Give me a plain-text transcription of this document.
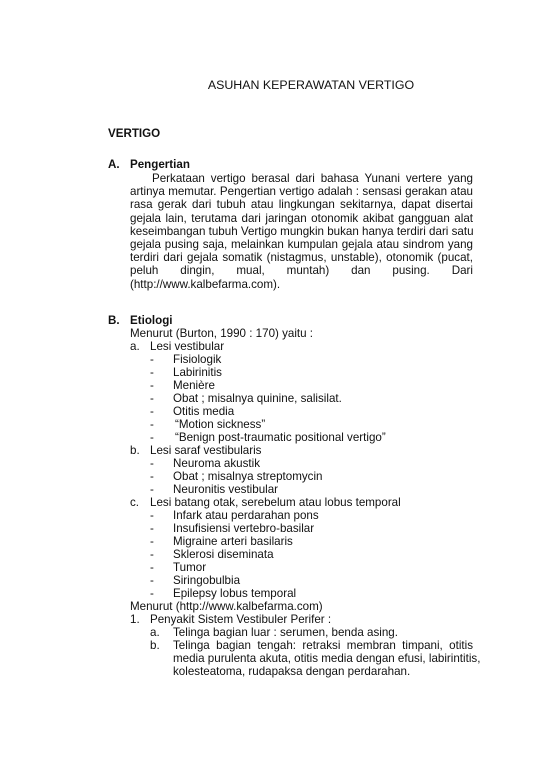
ASUHAN KEPERAWATAN VERTIGO
VERTIGO
A. Pengertian
Perkataan vertigo berasal dari bahasa Yunani vertere yang
artinya memutar. Pengertian vertigo adalah : sensasi gerakan atau
rasa gerak dari tubuh atau lingkungan sekitarnya, dapat disertai
gejala lain, terutama dari jaringan otonomik akibat gangguan alat
keseimbangan tubuh Vertigo mungkin bukan hanya terdiri dari satu
gejala pusing saja, melainkan kumpulan gejala atau sindrom yang
terdiri dari gejala somatik (nistagmus, unstable), otonomik (pucat,
peluh dingin, mual, muntah) dan pusing. Dari
(http://www.kalbefarma.com).
B. Etiologi
Menurut (Burton, 1990 : 170) yaitu :
a. Lesi vestibular
- Fisiologik
- Labirinitis
- Menière
- Obat ; misalnya quinine, salisilat.
- Otitis media
- “Motion sickness”
- “Benign post-traumatic positional vertigo”
b. Lesi saraf vestibularis
- Neuroma akustik
- Obat ; misalnya streptomycin
- Neuronitis vestibular
c. Lesi batang otak, serebelum atau lobus temporal
- Infark atau perdarahan pons
- Insufisiensi vertebro-basilar
- Migraine arteri basilaris
- Sklerosi diseminata
- Tumor
- Siringobulbia
- Epilepsy lobus temporal
Menurut (http://www.kalbefarma.com)
1. Penyakit Sistem Vestibuler Perifer :
a. Telinga bagian luar : serumen, benda asing.
b. Telinga bagian tengah: retraksi membran timpani, otitis
media purulenta akuta, otitis media dengan efusi, labirintitis,
kolesteatoma, rudapaksa dengan perdarahan.
